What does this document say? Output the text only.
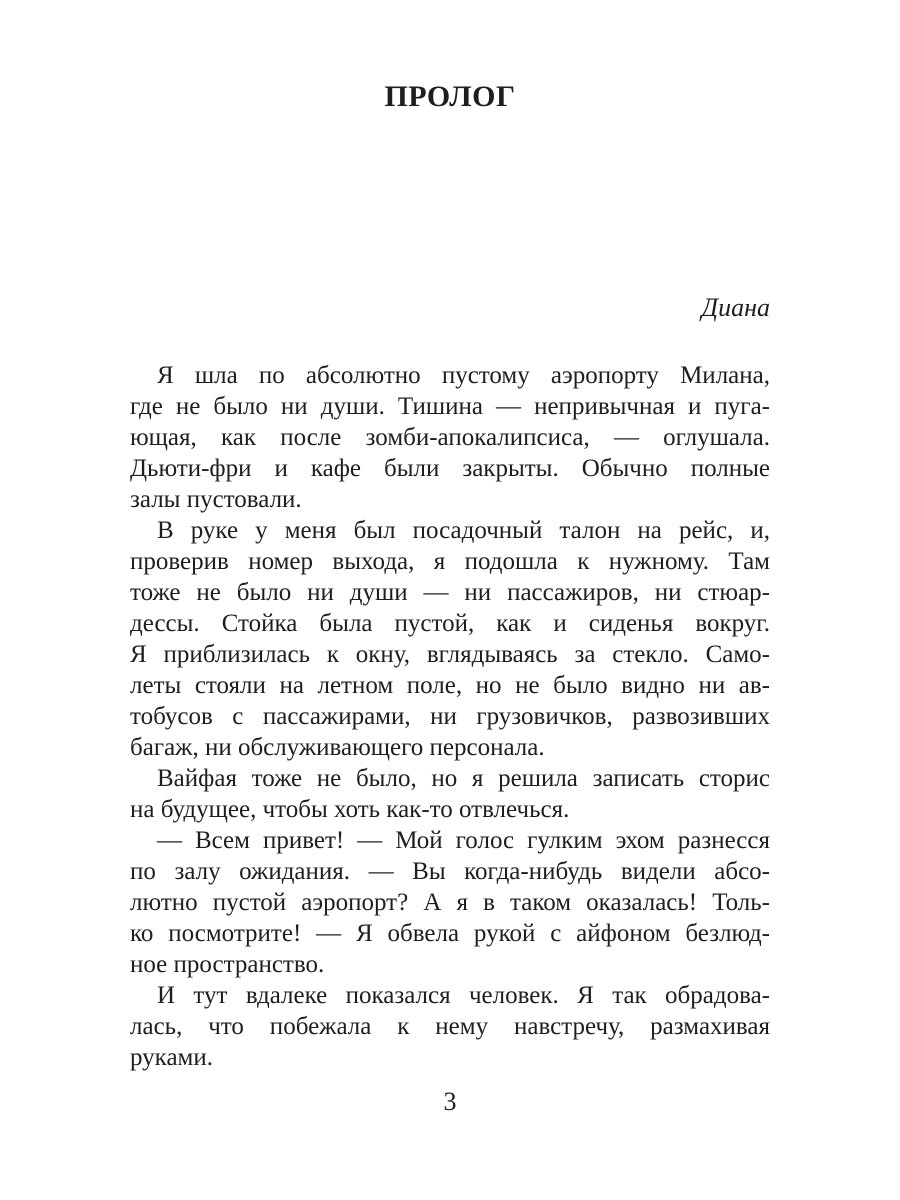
ПРОЛОГ
Диана
Я шла по абсолютно пустому аэропорту Милана,
где не было ни души. Тишина — непривычная и пуга-
ющая, как после зомби-апокалипсиса, — оглушала.
Дьюти-фри и кафе были закрыты. Обычно полные
залы пустовали.
В руке у меня был посадочный талон на рейс, и,
проверив номер выхода, я подошла к нужному. Там
тоже не было ни души — ни пассажиров, ни стюар-
дессы. Стойка была пустой, как и сиденья вокруг.
Я приблизилась к окну, вглядываясь за стекло. Само-
леты стояли на летном поле, но не было видно ни ав-
тобусов с пассажирами, ни грузовичков, развозивших
багаж, ни обслуживающего персонала.
Вайфая тоже не было, но я решила записать сторис
на будущее, чтобы хоть как-то отвлечься.
— Всем привет! — Мой голос гулким эхом разнесся
по залу ожидания. — Вы когда-нибудь видели абсо-
лютно пустой аэропорт? А я в таком оказалась! Толь-
ко посмотрите! — Я обвела рукой с айфоном безлюд-
ное пространство.
И тут вдалеке показался человек. Я так обрадова-
лась, что побежала к нему навстречу, размахивая
руками.
3
